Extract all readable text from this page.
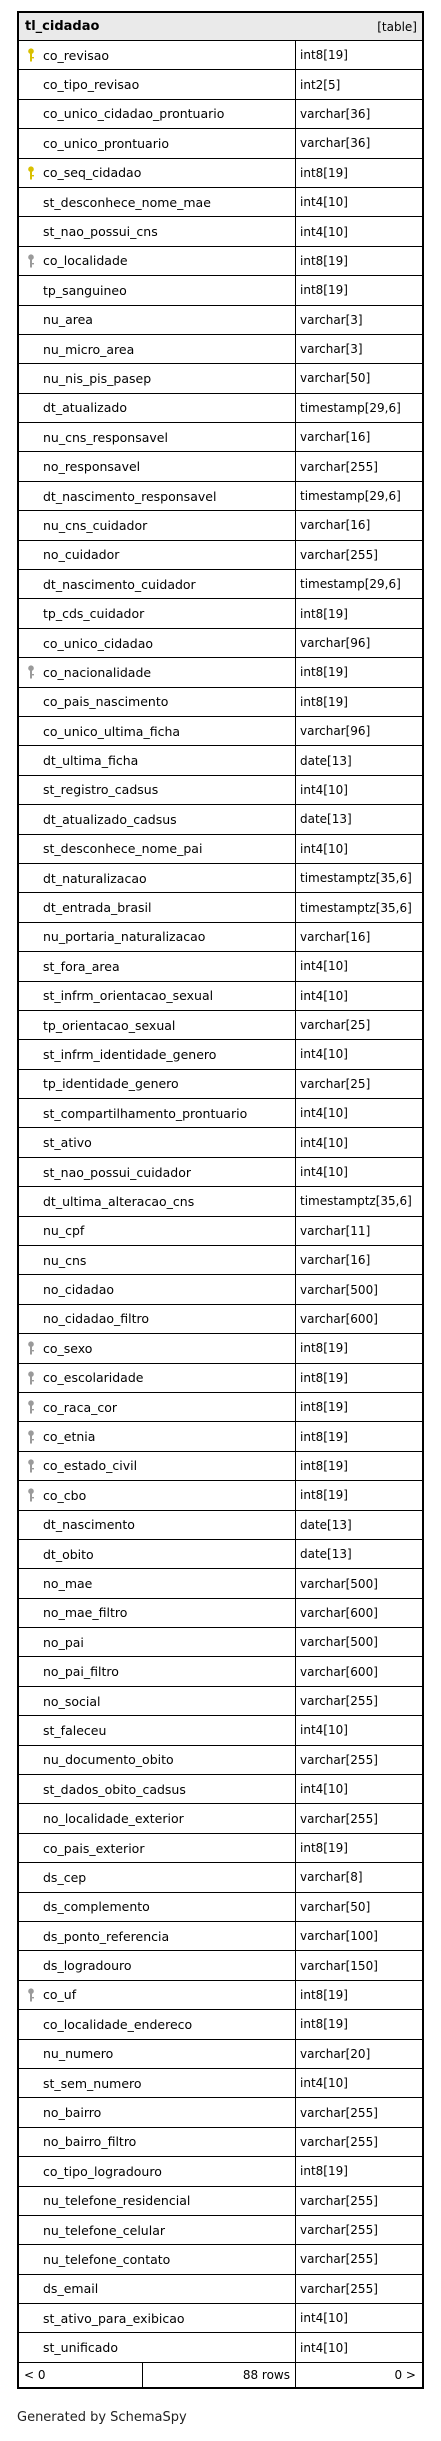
tl_cidadao	[table]
co_revisao	int8[19]
co_tipo_revisao	int2[5]
co_unico_cidadao_prontuario	varchar[36]
co_unico_prontuario	varchar[36]
co_seq_cidadao	int8[19]
st_desconhece_nome_mae	int4[10]
st_nao_possui_cns	int4[10]
co_localidade	int8[19]
tp_sanguineo	int8[19]
nu_area	varchar[3]
nu_micro_area	varchar[3]
nu_nis_pis_pasep	varchar[50]
dt_atualizado	timestamp[29,6]
nu_cns_responsavel	varchar[16]
no_responsavel	varchar[255]
dt_nascimento_responsavel	timestamp[29,6]
nu_cns_cuidador	varchar[16]
no_cuidador	varchar[255]
dt_nascimento_cuidador	timestamp[29,6]
tp_cds_cuidador	int8[19]
co_unico_cidadao	varchar[96]
co_nacionalidade	int8[19]
co_pais_nascimento	int8[19]
co_unico_ultima_ficha	varchar[96]
dt_ultima_ficha	date[13]
st_registro_cadsus	int4[10]
dt_atualizado_cadsus	date[13]
st_desconhece_nome_pai	int4[10]
dt_naturalizacao	timestamptz[35,6]
dt_entrada_brasil	timestamptz[35,6]
nu_portaria_naturalizacao	varchar[16]
st_fora_area	int4[10]
st_infrm_orientacao_sexual	int4[10]
tp_orientacao_sexual	varchar[25]
st_infrm_identidade_genero	int4[10]
tp_identidade_genero	varchar[25]
st_compartilhamento_prontuario	int4[10]
st_ativo	int4[10]
st_nao_possui_cuidador	int4[10]
dt_ultima_alteracao_cns	timestamptz[35,6]
nu_cpf	varchar[11]
nu_cns	varchar[16]
no_cidadao	varchar[500]
no_cidadao_filtro	varchar[600]
co_sexo	int8[19]
co_escolaridade	int8[19]
co_raca_cor	int8[19]
co_etnia	int8[19]
co_estado_civil	int8[19]
co_cbo	int8[19]
dt_nascimento	date[13]
dt_obito	date[13]
no_mae	varchar[500]
no_mae_filtro	varchar[600]
no_pai	varchar[500]
no_pai_filtro	varchar[600]
no_social	varchar[255]
st_faleceu	int4[10]
nu_documento_obito	varchar[255]
st_dados_obito_cadsus	int4[10]
no_localidade_exterior	varchar[255]
co_pais_exterior	int8[19]
ds_cep	varchar[8]
ds_complemento	varchar[50]
ds_ponto_referencia	varchar[100]
ds_logradouro	varchar[150]
co_uf	int8[19]
co_localidade_endereco	int8[19]
nu_numero	varchar[20]
st_sem_numero	int4[10]
no_bairro	varchar[255]
no_bairro_filtro	varchar[255]
co_tipo_logradouro	int8[19]
nu_telefone_residencial	varchar[255]
nu_telefone_celular	varchar[255]
nu_telefone_contato	varchar[255]
ds_email	varchar[255]
st_ativo_para_exibicao	int4[10]
st_unificado	int4[10]
< 0	88 rows	0 >
Generated by SchemaSpy
